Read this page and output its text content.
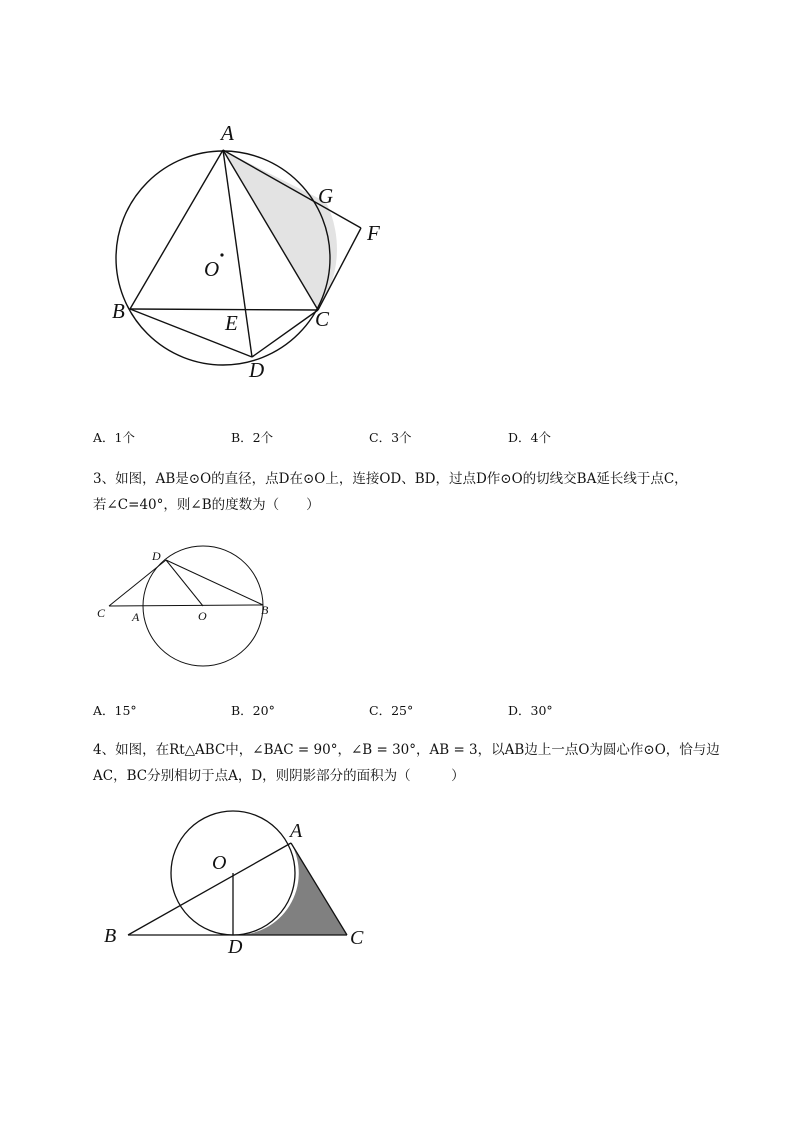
A
G
F
O
B	E	C
D
A．1个	B．2个	C．3个	D．4个
3、如图，AB是⊙O的直径，点D在⊙O上，连接OD、BD，过点D作⊙O的切线交BA延长线于点C，
若∠C=40°，则∠B的度数为（　　）
D
C A	O	B
A．15°	B．20°	C．25°	D．30°
4、如图，在Rt△ABC中，∠BAC = 90°，∠B = 30°，AB = 3，以AB边上一点O为圆心作⊙O，恰与边
AC，BC分别相切于点A，D，则阴影部分的面积为（　　　）
A
O
B	D	C
